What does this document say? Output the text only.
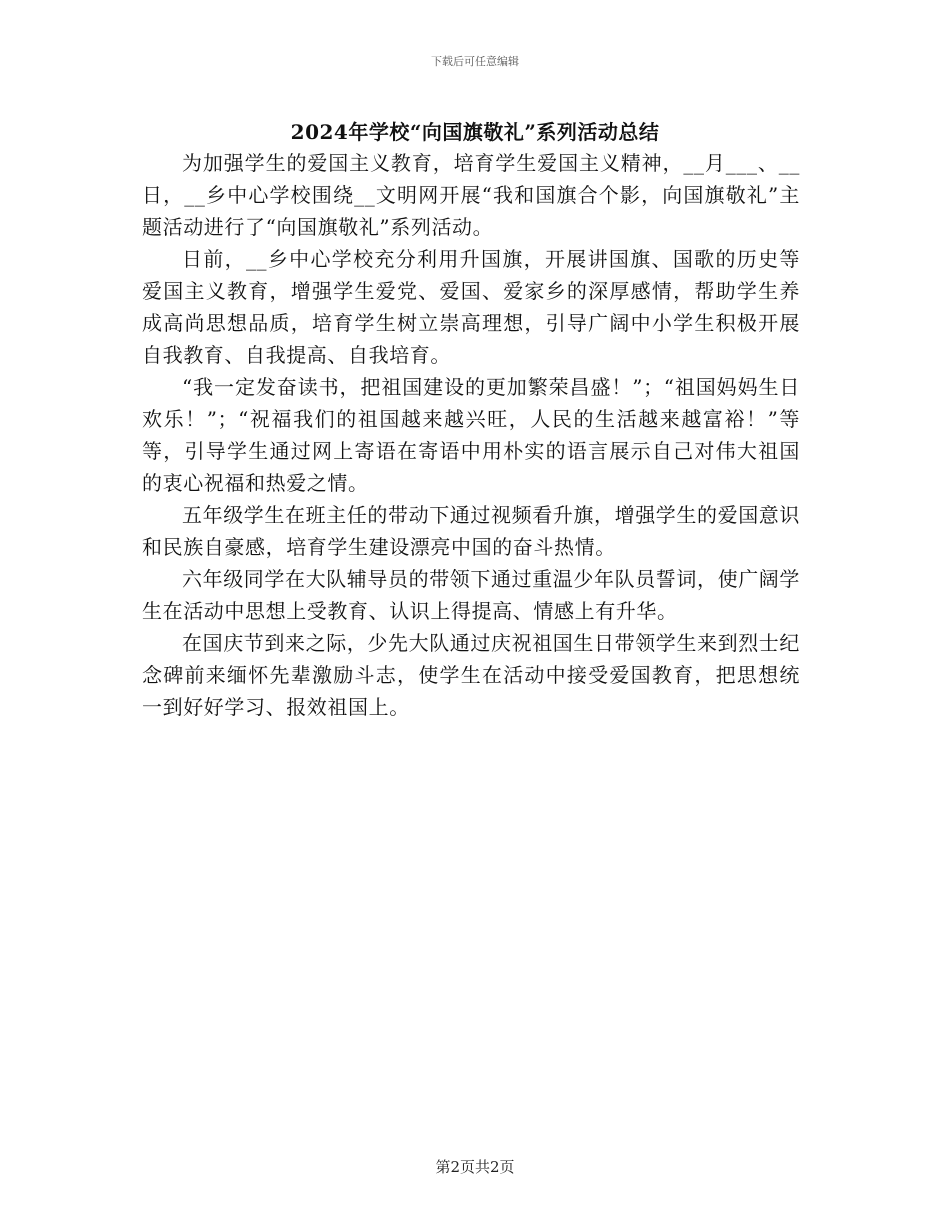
下载后可任意编辑
2024年学校“向国旗敬礼”系列活动总结

为加强学生的爱国主义教育，培育学生爱国主义精神，__月___、__日，__乡中心学校围绕__文明网开展“我和国旗合个影，向国旗敬礼”主题活动进行了“向国旗敬礼”系列活动。

日前，__乡中心学校充分利用升国旗，开展讲国旗、国歌的历史等爱国主义教育，增强学生爱党、爱国、爱家乡的深厚感情，帮助学生养成高尚思想品质，培育学生树立崇高理想，引导广阔中小学生积极开展自我教育、自我提高、自我培育。

“我一定发奋读书，把祖国建设的更加繁荣昌盛！”；“祖国妈妈生日欢乐！”；“祝福我们的祖国越来越兴旺，人民的生活越来越富裕！”等等，引导学生通过网上寄语在寄语中用朴实的语言展示自己对伟大祖国的衷心祝福和热爱之情。

五年级学生在班主任的带动下通过视频看升旗，增强学生的爱国意识和民族自豪感，培育学生建设漂亮中国的奋斗热情。

六年级同学在大队辅导员的带领下通过重温少年队员誓词，使广阔学生在活动中思想上受教育、认识上得提高、情感上有升华。

在国庆节到来之际，少先大队通过庆祝祖国生日带领学生来到烈士纪念碑前来缅怀先辈激励斗志，使学生在活动中接受爱国教育，把思想统一到好好学习、报效祖国上。

第2页共2页
